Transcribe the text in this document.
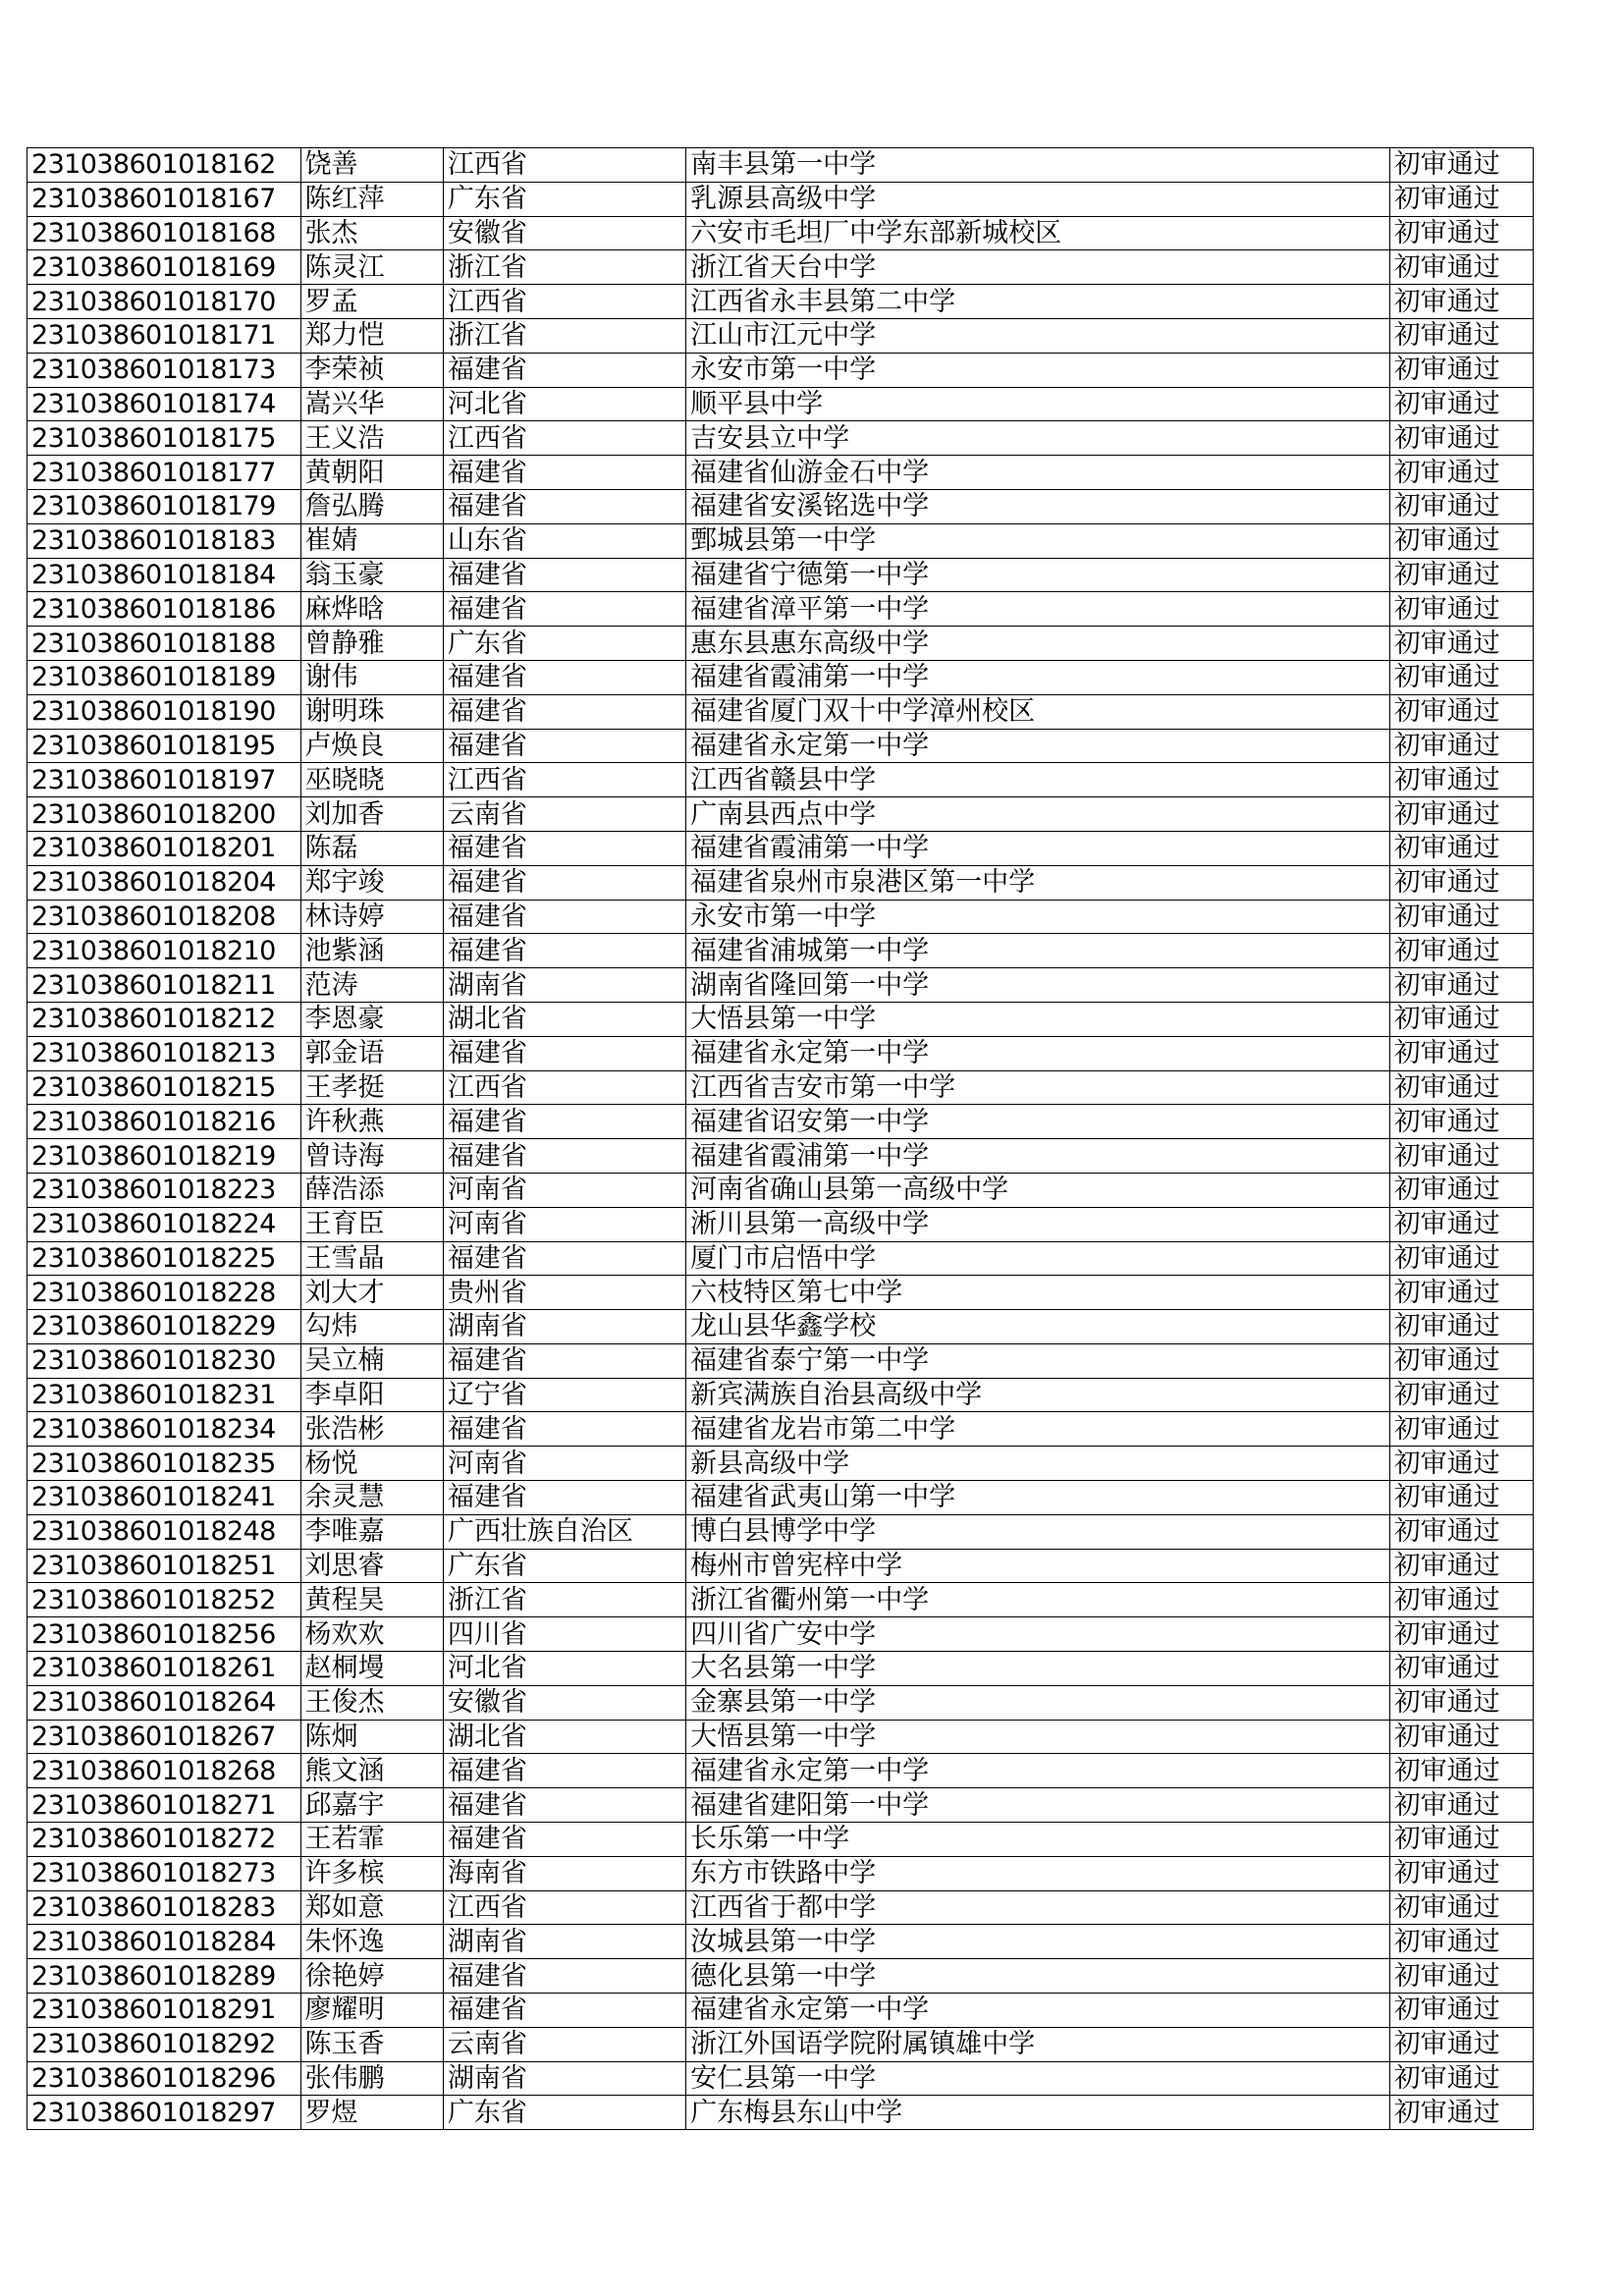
231038601018162	饶善	江西省	南丰县第一中学	初审通过
231038601018167	陈红萍	广东省	乳源县高级中学	初审通过
231038601018168	张杰	安徽省	六安市毛坦厂中学东部新城校区	初审通过
231038601018169	陈灵江	浙江省	浙江省天台中学	初审通过
231038601018170	罗孟	江西省	江西省永丰县第二中学	初审通过
231038601018171	郑力恺	浙江省	江山市江元中学	初审通过
231038601018173	李荣祯	福建省	永安市第一中学	初审通过
231038601018174	嵩兴华	河北省	顺平县中学	初审通过
231038601018175	王义浩	江西省	吉安县立中学	初审通过
231038601018177	黄朝阳	福建省	福建省仙游金石中学	初审通过
231038601018179	詹弘腾	福建省	福建省安溪铭选中学	初审通过
231038601018183	崔婧	山东省	鄄城县第一中学	初审通过
231038601018184	翁玉豪	福建省	福建省宁德第一中学	初审通过
231038601018186	麻烨晗	福建省	福建省漳平第一中学	初审通过
231038601018188	曾静雅	广东省	惠东县惠东高级中学	初审通过
231038601018189	谢伟	福建省	福建省霞浦第一中学	初审通过
231038601018190	谢明珠	福建省	福建省厦门双十中学漳州校区	初审通过
231038601018195	卢焕良	福建省	福建省永定第一中学	初审通过
231038601018197	巫晓晓	江西省	江西省赣县中学	初审通过
231038601018200	刘加香	云南省	广南县西点中学	初审通过
231038601018201	陈磊	福建省	福建省霞浦第一中学	初审通过
231038601018204	郑宇竣	福建省	福建省泉州市泉港区第一中学	初审通过
231038601018208	林诗婷	福建省	永安市第一中学	初审通过
231038601018210	池紫涵	福建省	福建省浦城第一中学	初审通过
231038601018211	范涛	湖南省	湖南省隆回第一中学	初审通过
231038601018212	李恩豪	湖北省	大悟县第一中学	初审通过
231038601018213	郭金语	福建省	福建省永定第一中学	初审通过
231038601018215	王孝挺	江西省	江西省吉安市第一中学	初审通过
231038601018216	许秋燕	福建省	福建省诏安第一中学	初审通过
231038601018219	曾诗海	福建省	福建省霞浦第一中学	初审通过
231038601018223	薛浩添	河南省	河南省确山县第一高级中学	初审通过
231038601018224	王育臣	河南省	淅川县第一高级中学	初审通过
231038601018225	王雪晶	福建省	厦门市启悟中学	初审通过
231038601018228	刘大才	贵州省	六枝特区第七中学	初审通过
231038601018229	勾炜	湖南省	龙山县华鑫学校	初审通过
231038601018230	吴立楠	福建省	福建省泰宁第一中学	初审通过
231038601018231	李卓阳	辽宁省	新宾满族自治县高级中学	初审通过
231038601018234	张浩彬	福建省	福建省龙岩市第二中学	初审通过
231038601018235	杨悦	河南省	新县高级中学	初审通过
231038601018241	余灵慧	福建省	福建省武夷山第一中学	初审通过
231038601018248	李唯嘉	广西壮族自治区	博白县博学中学	初审通过
231038601018251	刘思睿	广东省	梅州市曾宪梓中学	初审通过
231038601018252	黄程昊	浙江省	浙江省衢州第一中学	初审通过
231038601018256	杨欢欢	四川省	四川省广安中学	初审通过
231038601018261	赵桐墁	河北省	大名县第一中学	初审通过
231038601018264	王俊杰	安徽省	金寨县第一中学	初审通过
231038601018267	陈炯	湖北省	大悟县第一中学	初审通过
231038601018268	熊文涵	福建省	福建省永定第一中学	初审通过
231038601018271	邱嘉宇	福建省	福建省建阳第一中学	初审通过
231038601018272	王若霏	福建省	长乐第一中学	初审通过
231038601018273	许多槟	海南省	东方市铁路中学	初审通过
231038601018283	郑如意	江西省	江西省于都中学	初审通过
231038601018284	朱怀逸	湖南省	汝城县第一中学	初审通过
231038601018289	徐艳婷	福建省	德化县第一中学	初审通过
231038601018291	廖耀明	福建省	福建省永定第一中学	初审通过
231038601018292	陈玉香	云南省	浙江外国语学院附属镇雄中学	初审通过
231038601018296	张伟鹏	湖南省	安仁县第一中学	初审通过
231038601018297	罗煜	广东省	广东梅县东山中学	初审通过
